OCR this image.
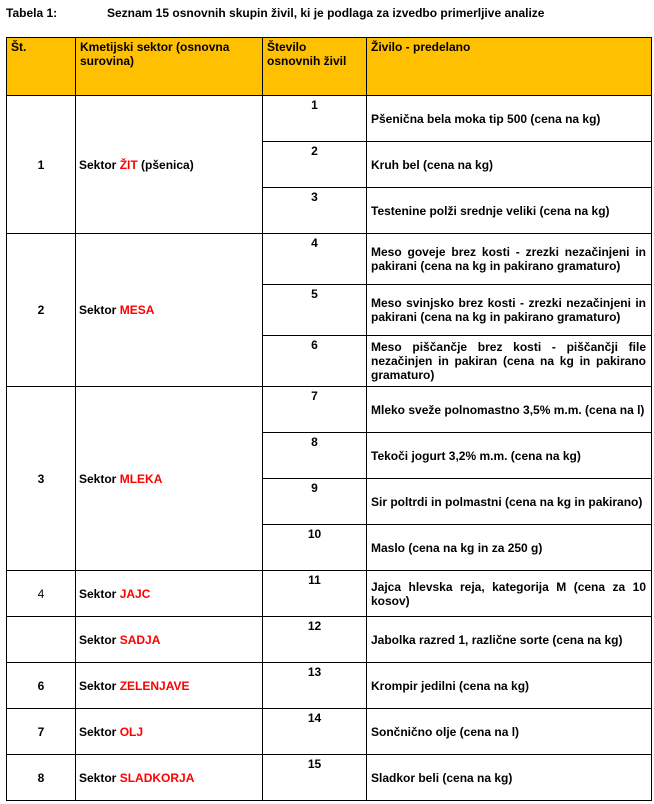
Tabela 1:	Seznam 15 osnovnih skupin živil, ki je podlaga za izvedbo primerljive analize
Št.	Kmetijski sektor (osnovna surovina)	Število osnovnih živil	Živilo - predelano
1	Sektor ŽIT (pšenica)	1	Pšenična bela moka tip 500 (cena na kg)
		2	Kruh bel (cena na kg)
		3	Testenine polži srednje veliki (cena na kg)
2	Sektor MESA	4	Meso goveje brez kosti - zrezki nezačinjeni in pakirani (cena na kg in pakirano gramaturo)
		5	Meso svinjsko brez kosti - zrezki nezačinjeni in pakirani (cena na kg in pakirano gramaturo)
		6	Meso piščančje brez kosti - piščančji file nezačinjen in pakiran (cena na kg in pakirano gramaturo)
3	Sektor MLEKA	7	Mleko sveže polnomastno 3,5% m.m. (cena na l)
		8	Tekoči jogurt 3,2% m.m. (cena na kg)
		9	Sir poltrdi in polmastni (cena na kg in pakirano)
		10	Maslo (cena na kg in za 250 g)
4	Sektor JAJC	11	Jajca hlevska reja, kategorija M (cena za 10 kosov)
	Sektor SADJA	12	Jabolka razred 1, različne sorte (cena na kg)
6	Sektor ZELENJAVE	13	Krompir jedilni (cena na kg)
7	Sektor OLJ	14	Sončnično olje (cena na l)
8	Sektor SLADKORJA	15	Sladkor beli (cena na kg)
